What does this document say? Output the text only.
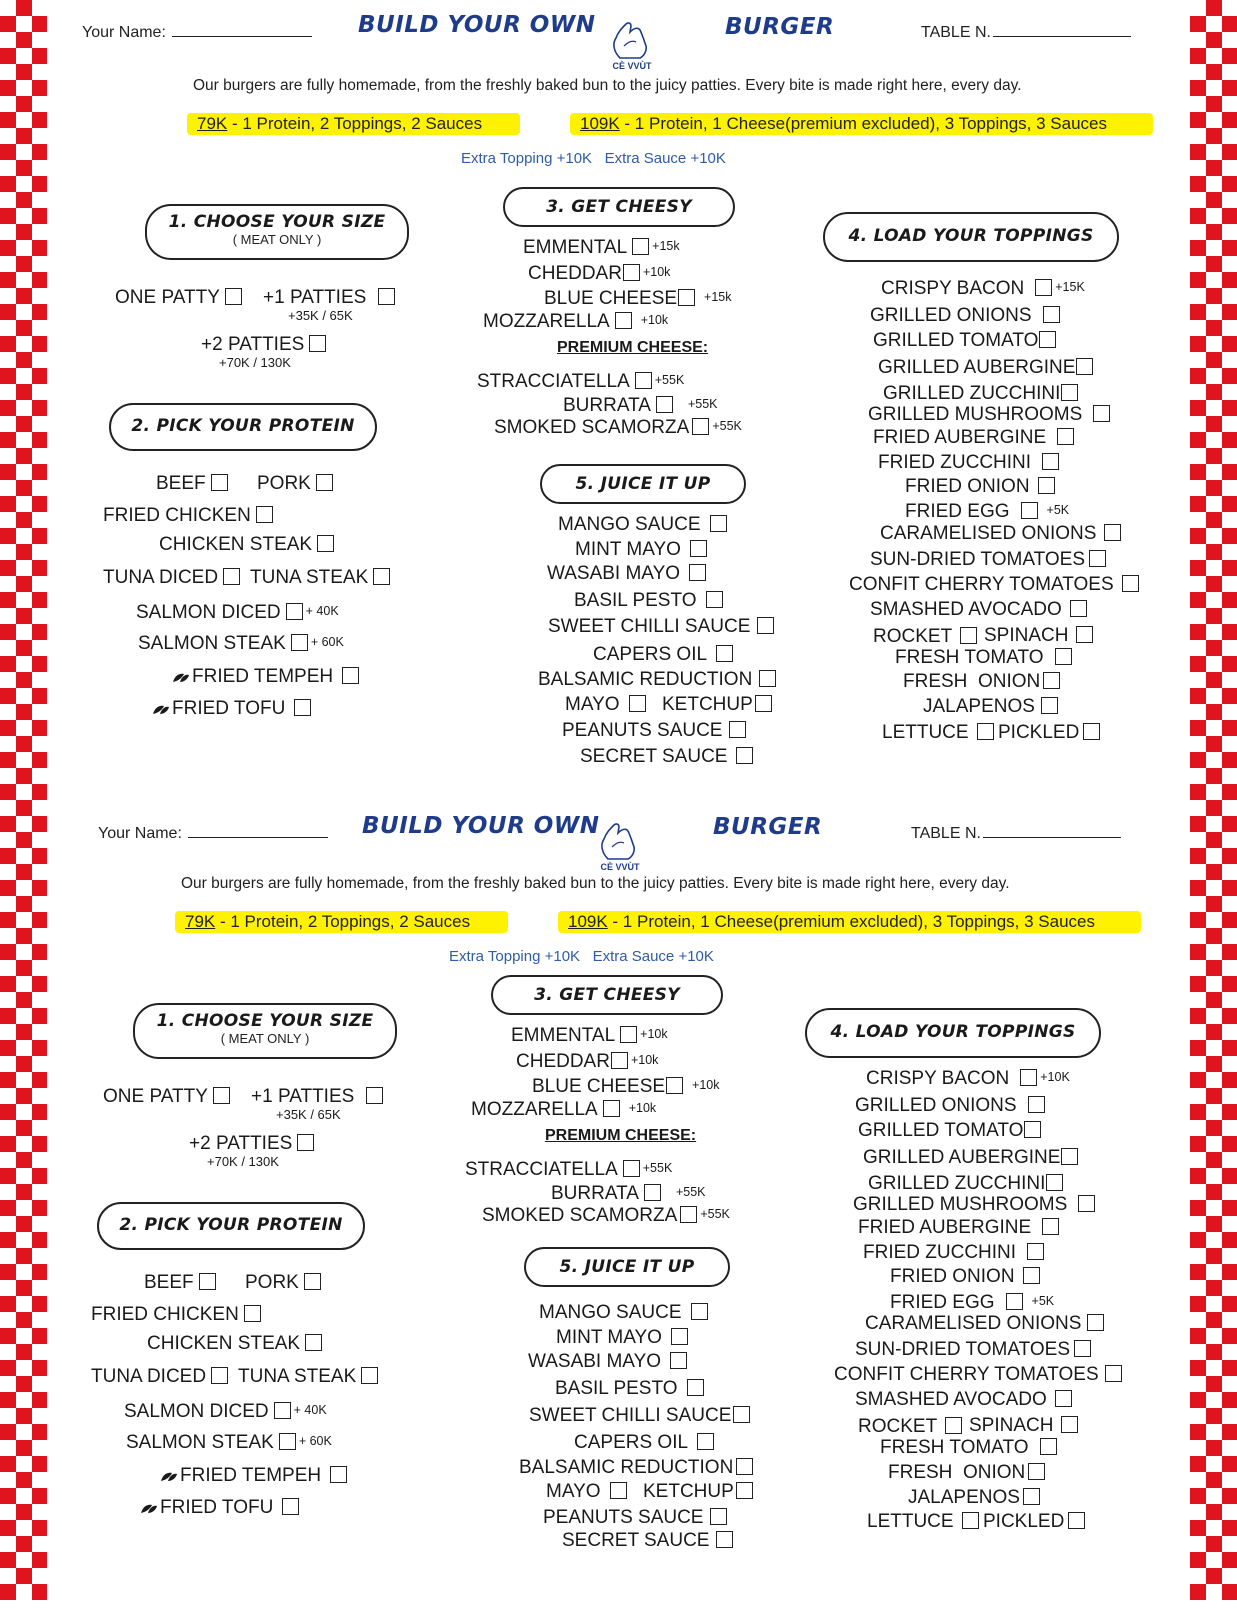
Your Name:	BUILD YOUR OWN
CÈ VVÙT
BURGER	TABLE N.
Our burgers are fully homemade, from the freshly baked bun to the juicy patties. Every bite is made right here, every day.
79K - 1 Protein, 2 Toppings, 2 Sauces	109K - 1 Protein, 1 Cheese(premium excluded), 3 Toppings, 3 Sauces
Extra Topping +10K   Extra Sauce +10K
1. CHOOSE YOUR SIZE
( MEAT ONLY )
ONE PATTY	+1 PATTIES
+35K / 65K
+2 PATTIES
+70K / 130K
2. PICK YOUR PROTEIN
BEEF	PORK
FRIED CHICKEN
CHICKEN STEAK
TUNA DICED	TUNA STEAK
SALMON DICED + 40K
SALMON STEAK + 60K
FRIED TEMPEH
FRIED TOFU
3. GET CHEESY
EMMENTAL +15k
CHEDDAR +10k
BLUE CHEESE +15k
MOZZARELLA +10k
PREMIUM CHEESE:
STRACCIATELLA +55K
BURRATA	+55K
SMOKED SCAMORZA +55K
5. JUICE IT UP
MANGO SAUCE
MINT MAYO
WASABI MAYO
BASIL PESTO
SWEET CHILLI SAUCE
CAPERS OIL
BALSAMIC REDUCTION
MAYO	KETCHUP
PEANUTS SAUCE
SECRET SAUCE
4. LOAD YOUR TOPPINGS
CRISPY BACON +15K
GRILLED ONIONS
GRILLED TOMATO
GRILLED AUBERGINE
GRILLED ZUCCHINI
GRILLED MUSHROOMS
FRIED AUBERGINE
FRIED ZUCCHINI
FRIED ONION
FRIED EGG	+5K
CARAMELISED ONIONS
SUN-DRIED TOMATOES
CONFIT CHERRY TOMATOES
SMASHED AVOCADO
ROCKET	SPINACH
FRESH TOMATO
FRESH  ONION
JALAPENOS
LETTUCE	PICKLED
Your Name:	BUILD YOUR OWN
CÈ VVÙT
BURGER	TABLE N.
Our burgers are fully homemade, from the freshly baked bun to the juicy patties. Every bite is made right here, every day.
79K - 1 Protein, 2 Toppings, 2 Sauces	109K - 1 Protein, 1 Cheese(premium excluded), 3 Toppings, 3 Sauces
Extra Topping +10K   Extra Sauce +10K
1. CHOOSE YOUR SIZE
( MEAT ONLY )
ONE PATTY	+1 PATTIES
+35K / 65K
+2 PATTIES
+70K / 130K
2. PICK YOUR PROTEIN
BEEF	PORK
FRIED CHICKEN
CHICKEN STEAK
TUNA DICED	TUNA STEAK
SALMON DICED + 40K
SALMON STEAK + 60K
FRIED TEMPEH
FRIED TOFU
3. GET CHEESY
EMMENTAL +10k
CHEDDAR +10k
BLUE CHEESE +10k
MOZZARELLA +10k
PREMIUM CHEESE:
STRACCIATELLA +55K
BURRATA	+55K
SMOKED SCAMORZA +55K
5. JUICE IT UP
MANGO SAUCE
MINT MAYO
WASABI MAYO
BASIL PESTO
SWEET CHILLI SAUCE
CAPERS OIL
BALSAMIC REDUCTION
MAYO	KETCHUP
PEANUTS SAUCE
SECRET SAUCE
4. LOAD YOUR TOPPINGS
CRISPY BACON +10K
GRILLED ONIONS
GRILLED TOMATO
GRILLED AUBERGINE
GRILLED ZUCCHINI
GRILLED MUSHROOMS
FRIED AUBERGINE
FRIED ZUCCHINI
FRIED ONION
FRIED EGG	+5K
CARAMELISED ONIONS
SUN-DRIED TOMATOES
CONFIT CHERRY TOMATOES
SMASHED AVOCADO
ROCKET	SPINACH
FRESH TOMATO
FRESH  ONION
JALAPENOS
LETTUCE	PICKLED
